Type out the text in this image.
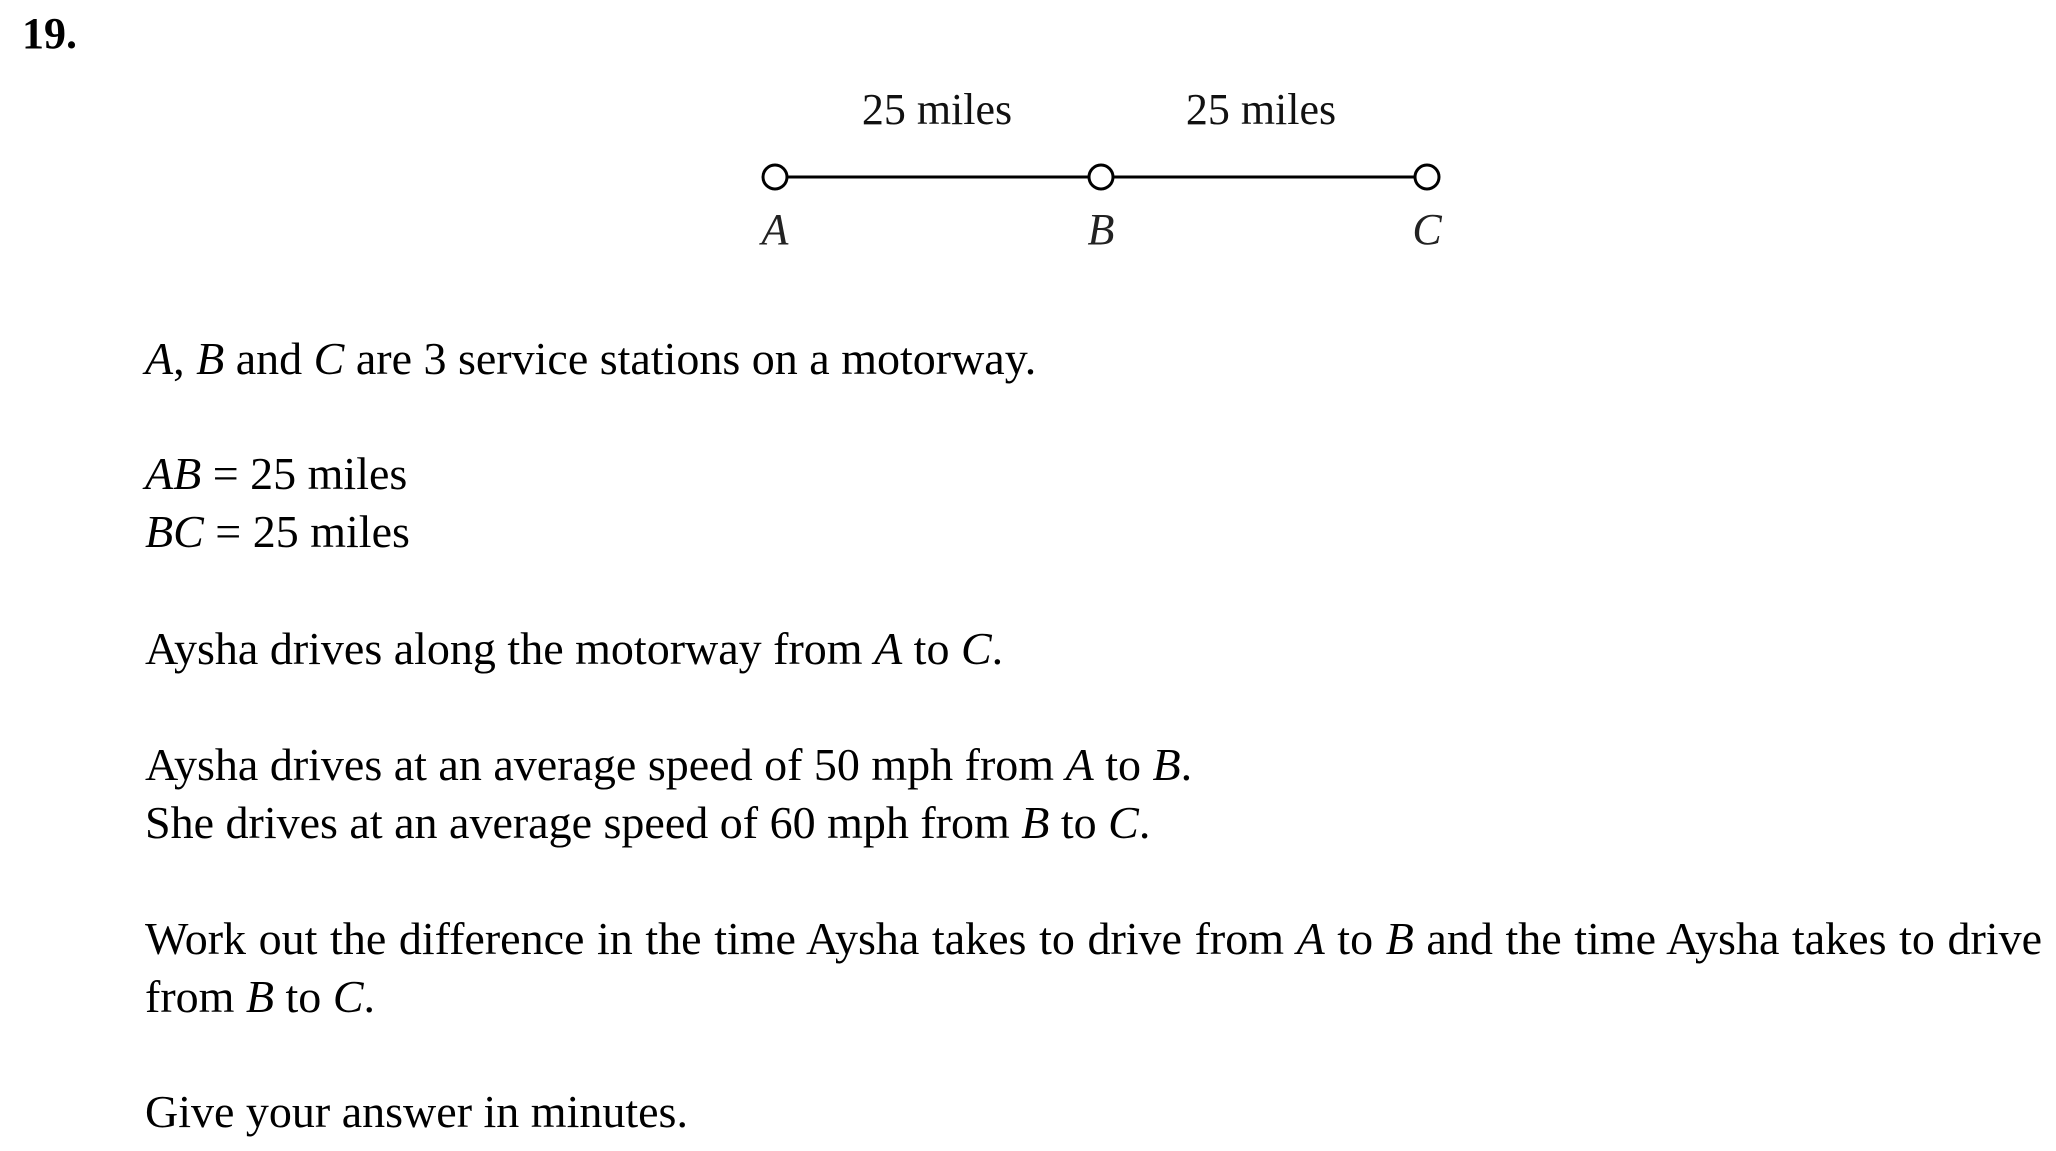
19.
25 miles	25 miles
A	B	C

A, B and C are 3 service stations on a motorway.

AB = 25 miles

BC = 25 miles

Aysha drives along the motorway from A to C.

Aysha drives at an average speed of 50 mph from A to B.

She drives at an average speed of 60 mph from B to C.

Work out the difference in the time Aysha takes to drive from A to B and the time Aysha takes to drive from B to C.

Give your answer in minutes.
